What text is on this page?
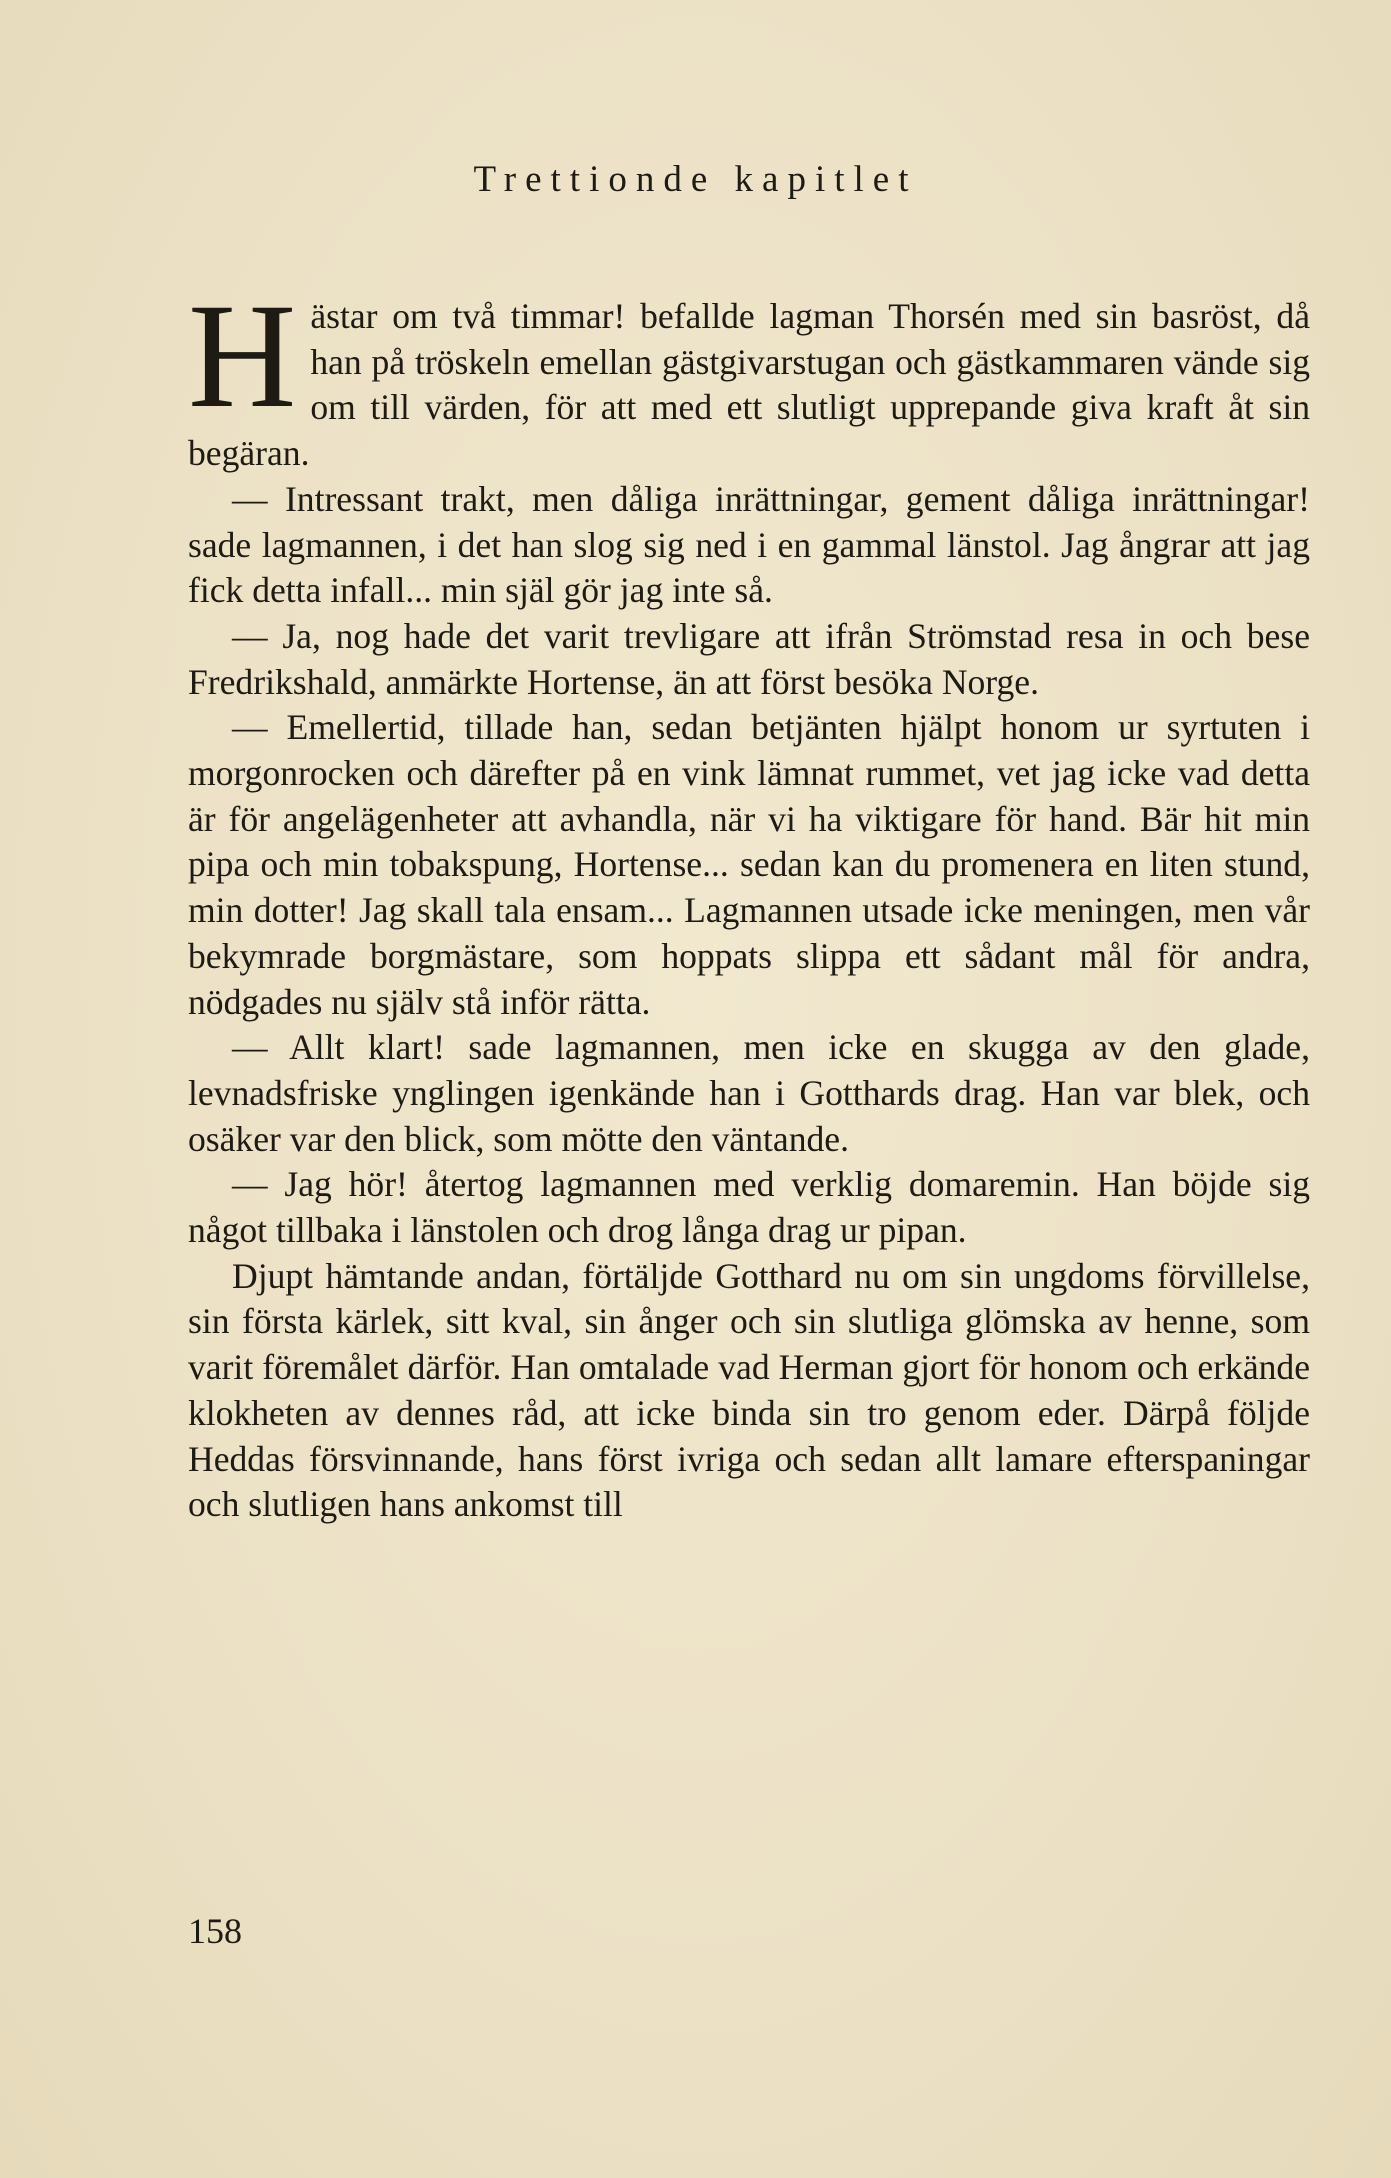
Trettionde kapitlet

Hästar om två timmar! befallde lagman Thorsén med sin basröst, då han på tröskeln emellan gästgivarstugan och gästkammaren vände sig om till värden, för att med ett slutligt upprepande giva kraft åt sin begäran.

— Intressant trakt, men dåliga inrättningar, gement dåliga inrättningar! sade lagmannen, i det han slog sig ned i en gammal länstol. Jag ångrar att jag fick detta infall... min själ gör jag inte så.

— Ja, nog hade det varit trevligare att ifrån Strömstad resa in och bese Fredrikshald, anmärkte Hortense, än att först besöka Norge.

— Emellertid, tillade han, sedan betjänten hjälpt honom ur syrtuten i morgonrocken och därefter på en vink lämnat rummet, vet jag icke vad detta är för angelägenheter att avhandla, när vi ha viktigare för hand. Bär hit min pipa och min tobakspung, Hortense... sedan kan du promenera en liten stund, min dotter! Jag skall tala ensam... Lagmannen utsade icke meningen, men vår bekymrade borgmästare, som hoppats slippa ett sådant mål för andra, nödgades nu själv stå inför rätta.

— Allt klart! sade lagmannen, men icke en skugga av den glade, levnadsfriske ynglingen igenkände han i Gotthards drag. Han var blek, och osäker var den blick, som mötte den väntande.

— Jag hör! återtog lagmannen med verklig domaremin. Han böjde sig något tillbaka i länstolen och drog långa drag ur pipan.

Djupt hämtande andan, förtäljde Gotthard nu om sin ungdoms förvillelse, sin första kärlek, sitt kval, sin ånger och sin slutliga glömska av henne, som varit föremålet därför. Han omtalade vad Herman gjort för honom och erkände klokheten av dennes råd, att icke binda sin tro genom eder. Därpå följde Heddas försvinnande, hans först ivriga och sedan allt lamare efterspaningar och slutligen hans ankomst till

158
